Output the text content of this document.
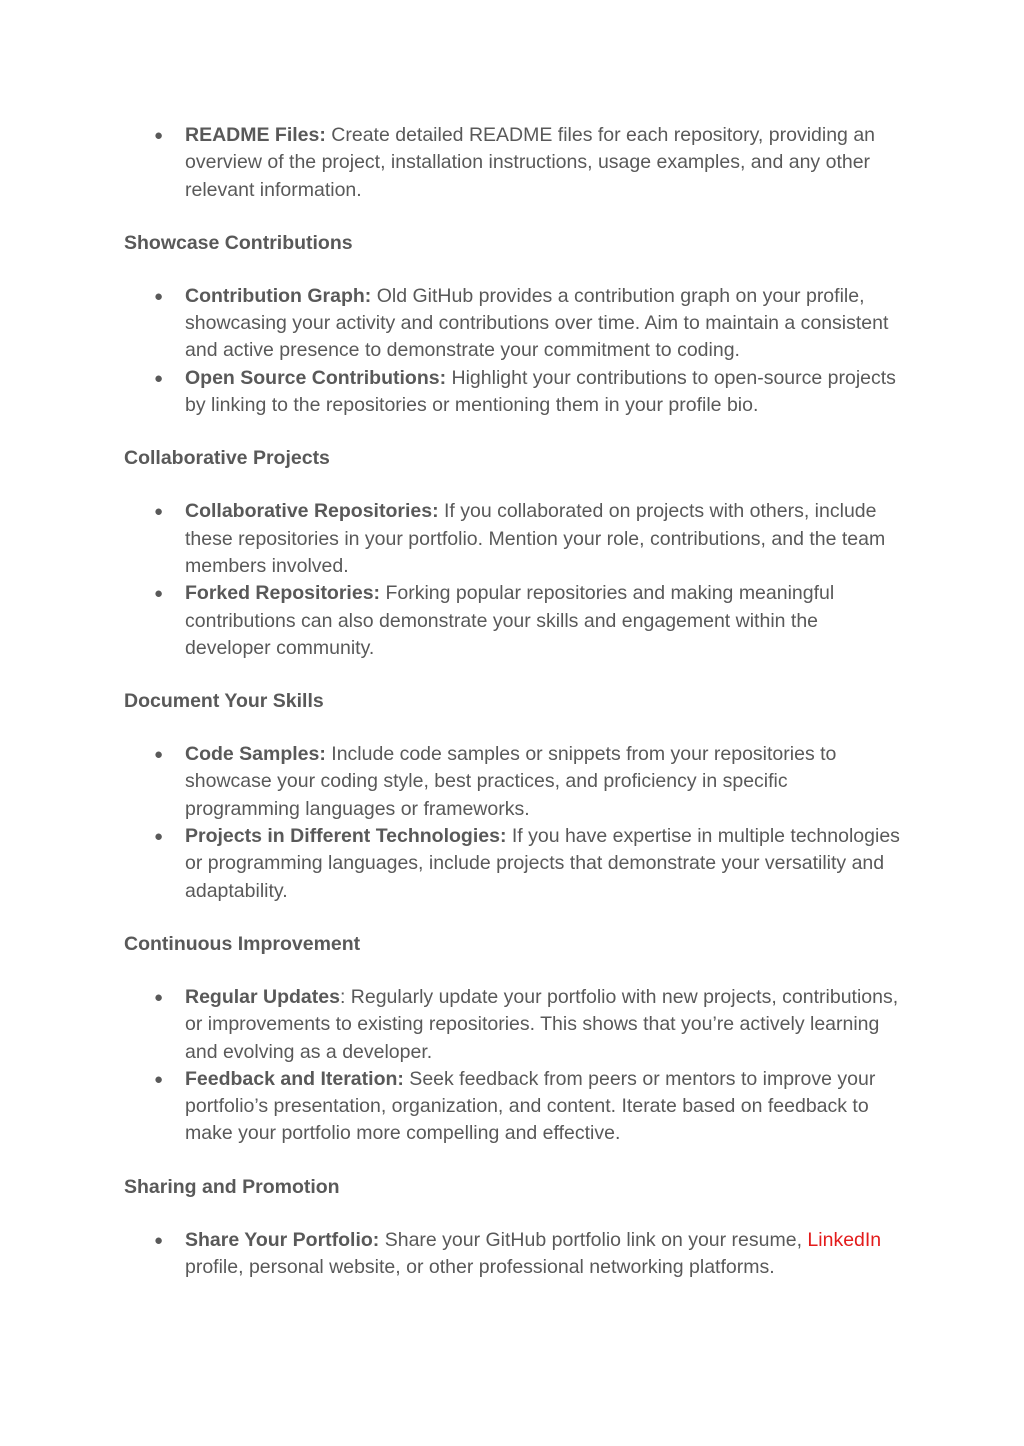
● README Files: Create detailed README files for each repository, providing an overview of the project, installation instructions, usage examples, and any other relevant information.
Showcase Contributions
● Contribution Graph: Old GitHub provides a contribution graph on your profile, showcasing your activity and contributions over time. Aim to maintain a consistent and active presence to demonstrate your commitment to coding.
● Open Source Contributions: Highlight your contributions to open-source projects by linking to the repositories or mentioning them in your profile bio.
Collaborative Projects
● Collaborative Repositories: If you collaborated on projects with others, include these repositories in your portfolio. Mention your role, contributions, and the team members involved.
● Forked Repositories: Forking popular repositories and making meaningful contributions can also demonstrate your skills and engagement within the developer community.
Document Your Skills
● Code Samples: Include code samples or snippets from your repositories to showcase your coding style, best practices, and proficiency in specific programming languages or frameworks.
● Projects in Different Technologies: If you have expertise in multiple technologies or programming languages, include projects that demonstrate your versatility and adaptability.
Continuous Improvement
● Regular Updates: Regularly update your portfolio with new projects, contributions, or improvements to existing repositories. This shows that you’re actively learning and evolving as a developer.
● Feedback and Iteration: Seek feedback from peers or mentors to improve your portfolio’s presentation, organization, and content. Iterate based on feedback to make your portfolio more compelling and effective.
Sharing and Promotion
● Share Your Portfolio: Share your GitHub portfolio link on your resume, LinkedIn profile, personal website, or other professional networking platforms.
